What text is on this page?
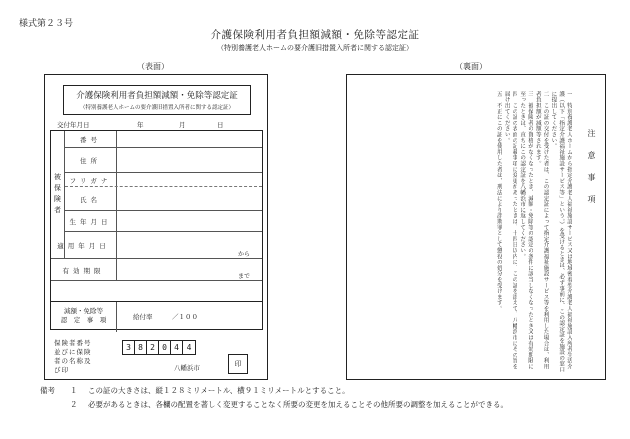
様式第２３号
介護保険利用者負担額減額・免除等認定証
（特別養護老人ホームの要介護旧措置入所者に関する認定証）
（表面）	（裏面）
介護保険利用者負担額減額・免除等認定証
（特別養護老人ホームの要介護旧措置入所者に関する認定証）
交付年月日	年	月	日
被保険者
番号
住所
フリガナ
氏名
生年月日
適用年月日
から
有効期限
まで
減額・免除等
認　定　事　項	給付率　　　／１００
保険者番号
並びに保険
者の名称及
び印
3 8 2 0 4 4
八幡浜市	印
注意事項
一　特別養護老人ホームから指定介護老人福祉施設サービス又は地域密着型介護老人福祉施設入所者生活介護（以下「指定介護福祉施設サービス等」という。）を受けるときは、必ず事前に、この認定証を施設の窓口に提出してください。
二　この証の交付を受けた者は、この認定証によって指定介護福祉施設サービス等を利用した場合は、利用者負担額が減額等されます。
三　被保険者の資格がなくなったとき、減額・免除等の認定の条件に該当しなくなったとき又は有効期限に至ったときは、直ちにこの認定証を八幡浜市に返してください。
四　この証の表面の記載事項に変更があったときは、十四日以内に、この証を添えて、八幡浜市にその旨を届け出てください。
五　不正にこの証を使用した者は、刑法により詐欺罪として懲役の処分を受けます。
備考	１	この証の大きさは、縦１２８ミリメートル、横９１ミリメートルとすること。
２	必要があるときは、各欄の配置を著しく変更することなく所要の変更を加えることその他所要の調整を加えることができる。
